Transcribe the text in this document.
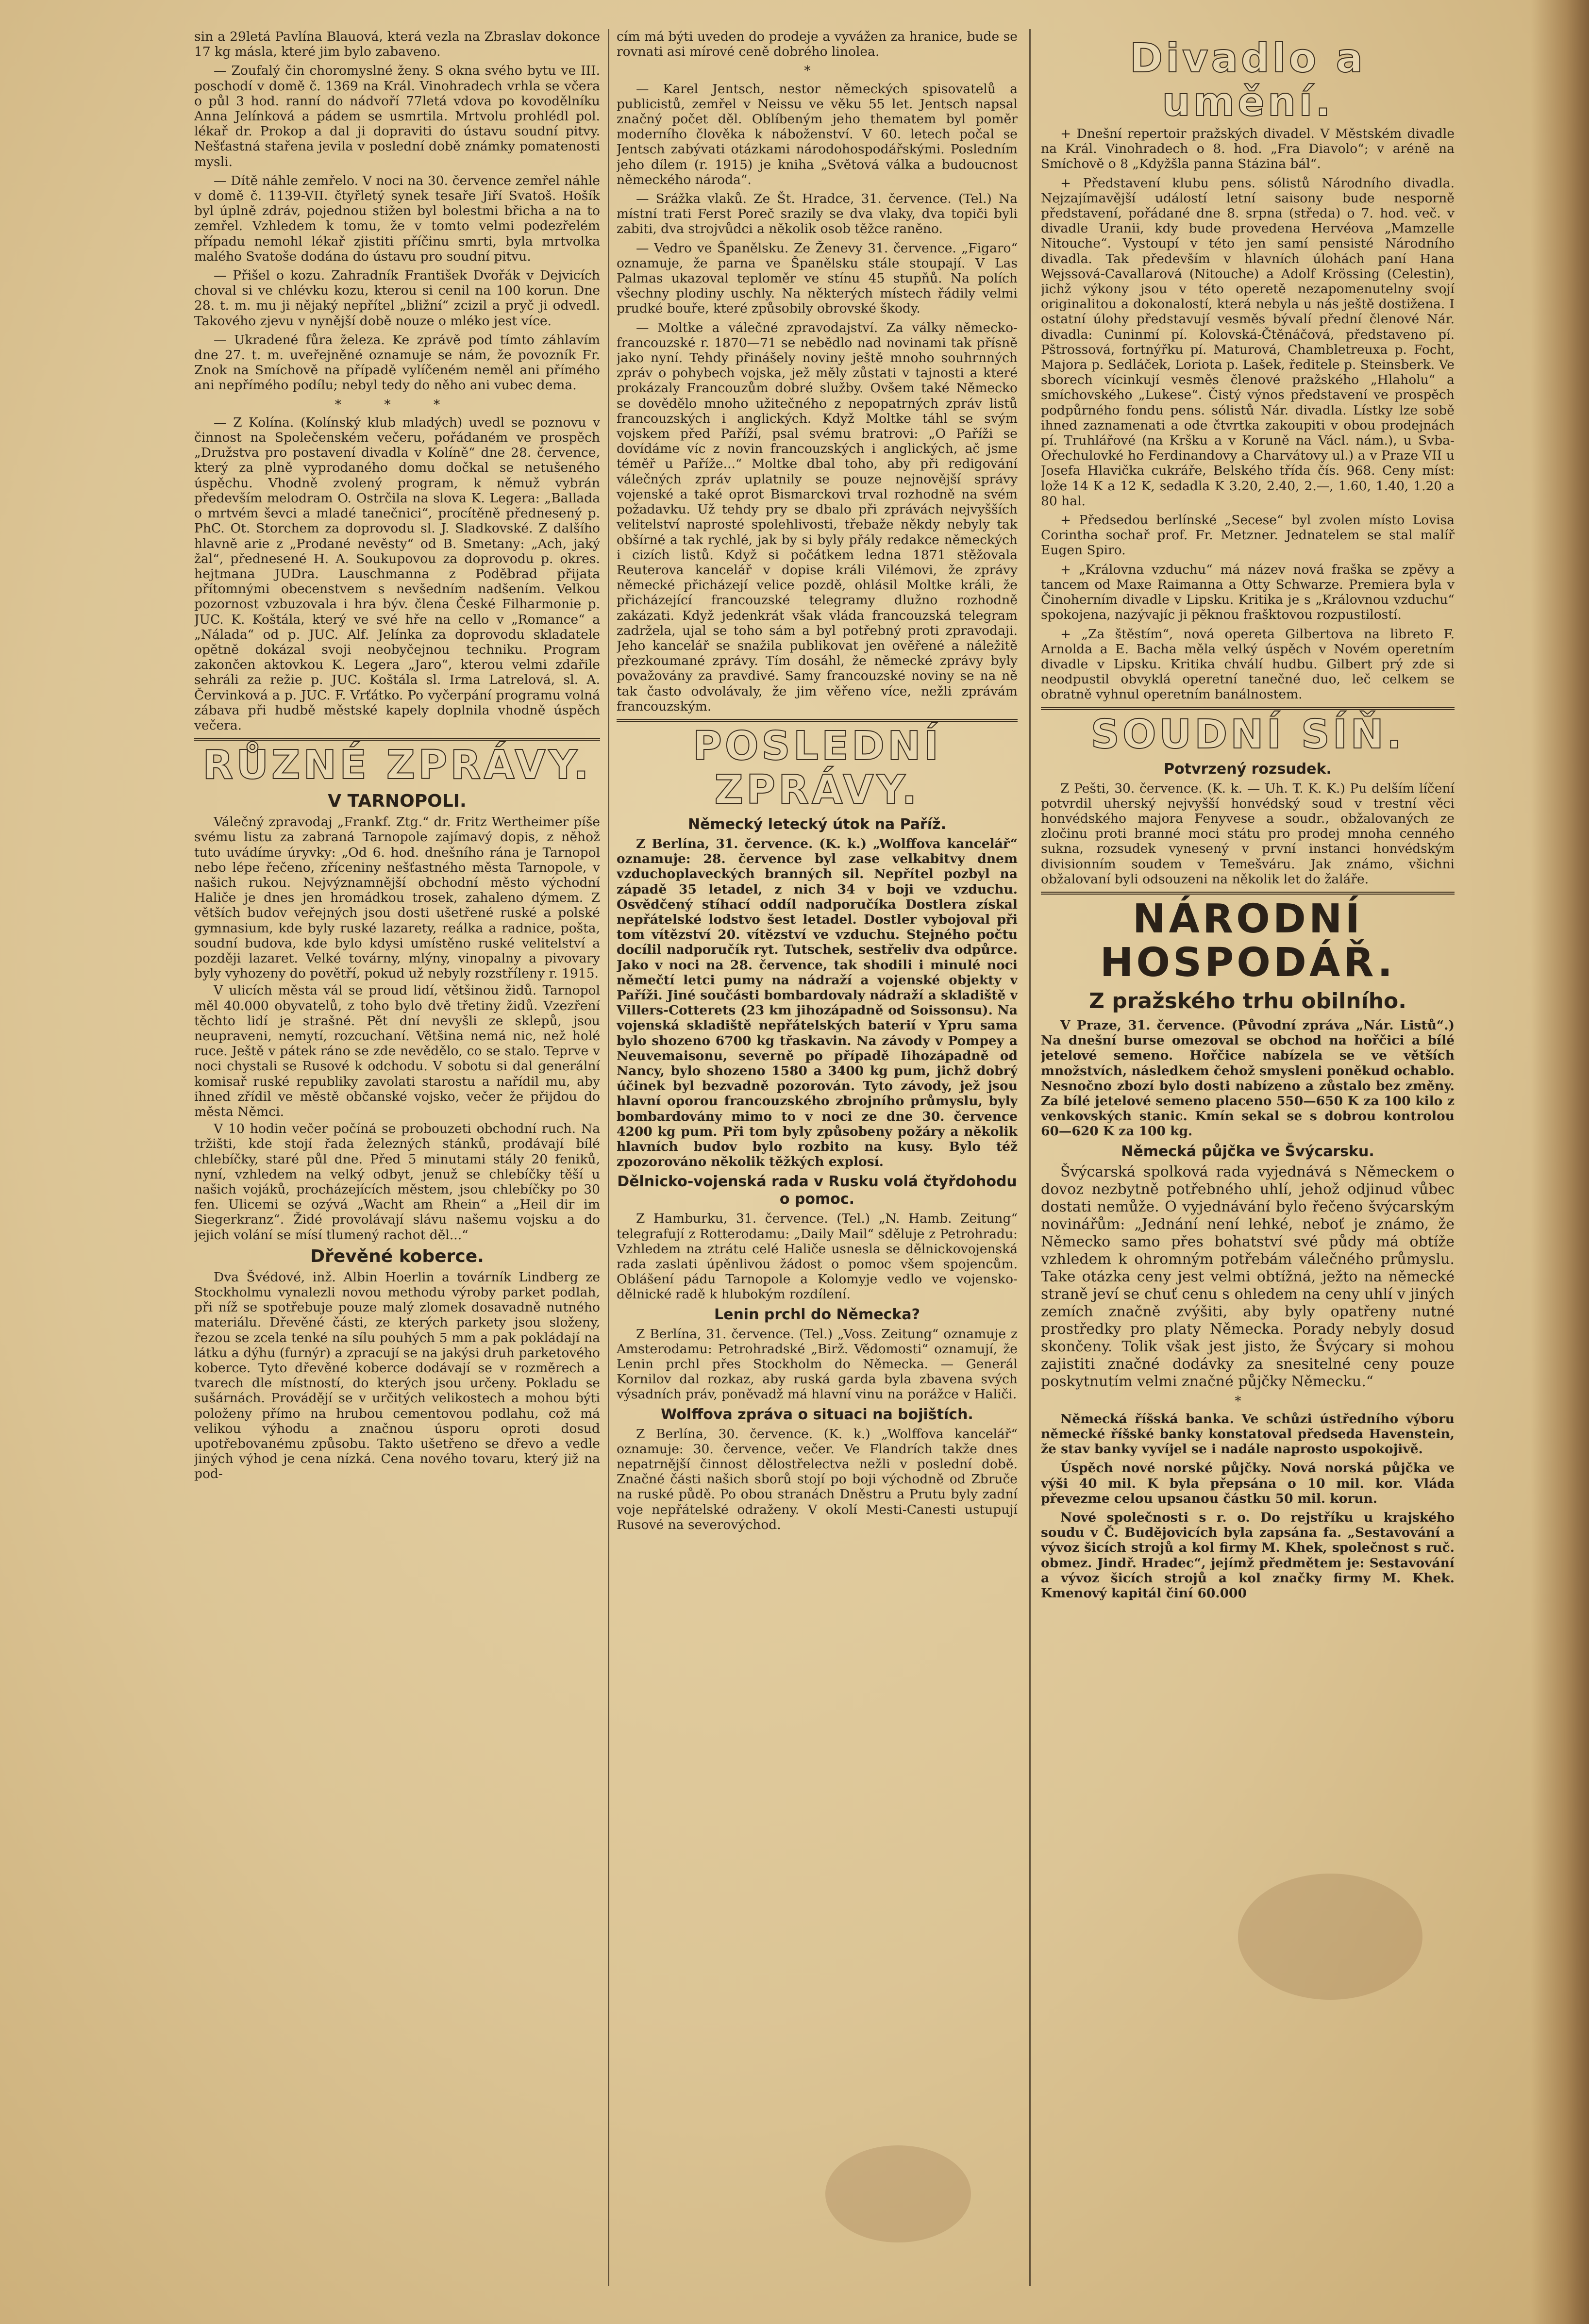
sin a 29letá Pavlína Blauová, která vezla na Zbraslav dokonce 17 kg másla, které jim bylo zabaveno.

— Zoufalý čin choromyslné ženy. S okna svého bytu ve III. poschodí v domě č. 1369 na Král. Vinohradech vrhla se včera o půl 3 hod. ranní do nádvoří 77letá vdova po kovodělníku Anna Jelínková a pádem se usmrtila. Mrtvolu prohlédl pol. lékař dr. Prokop a dal ji dopraviti do ústavu soudní pitvy. Nešťastná stařena jevila v poslední době známky pomatenosti mysli.

— Dítě náhle zemřelo. V noci na 30. července zemřel náhle v domě č. 1139-VII. čtyřletý synek tesaře Jiří Svatoš. Hošík byl úplně zdráv, pojednou stižen byl bolestmi břicha a na to zemřel. Vzhledem k tomu, že v tomto velmi podezřelém případu nemohl lékař zjistiti příčinu smrti, byla mrtvolka malého Svatoše dodána do ústavu pro soudní pitvu.

— Přišel o kozu. Zahradník František Dvořák v Dejvicích choval si ve chlévku kozu, kterou si cenil na 100 korun. Dne 28. t. m. mu ji nějaký nepřítel „bližní“ zcizil a pryč ji odvedl. Takového zjevu v nynější době nouze o mléko jest více.

— Ukradené fůra železa. Ke zprávě pod tímto záhlavím dne 27. t. m. uveřejněné oznamuje se nám, že povozník Fr. Znok na Smíchově na případě vylíčeném neměl ani přímého ani nepřímého podílu; nebyl tedy do něho ani vubec dema.

* * *

— Z Kolína. (Kolínský klub mladých) uvedl se poznovu v činnost na Společenském večeru, pořádaném ve prospěch „Družstva pro postavení divadla v Kolíně“ dne 28. července, který za plně vyprodaného domu dočkal se netušeného úspěchu. Vhodně zvolený program, k němuž vybrán především melodram O. Ostrčila na slova K. Legera: „Ballada o mrtvém ševci a mladé tanečnici“, procítěně přednesený p. PhC. Ot. Storchem za doprovodu sl. J. Sladkovské. Z dalšího hlavně arie z „Prodané nevěsty“ od B. Smetany: „Ach, jaký žal“, přednesené H. A. Soukupovou za doprovodu p. okres. hejtmana JUDra. Lauschmanna z Poděbrad přijata přítomnými obecenstvem s nevšedním nadšením. Velkou pozornost vzbuzovala i hra býv. člena České Filharmonie p. JUC. K. Koštála, který ve své hře na cello v „Romance“ a „Nálada“ od p. JUC. Alf. Jelínka za doprovodu skladatele opětně dokázal svoji neobyčejnou techniku. Program zakončen aktovkou K. Legera „Jaro“, kterou velmi zdařile sehráli za režie p. JUC. Koštála sl. Irma Latrelová, sl. A. Červinková a p. JUC. F. Vrťátko. Po vyčerpání programu volná zábava při hudbě městské kapely doplnila vhodně úspěch večera.

RŮZNÉ ZPRÁVY.
V TARNOPOLI.

Válečný zpravodaj „Frankf. Ztg.“ dr. Fritz Wertheimer píše svému listu za zabraná Tarnopole zajímavý dopis, z něhož tuto uvádíme úryvky: „Od 6. hod. dnešního rána je Tarnopol nebo lépe řečeno, zříceniny nešťastného města Tarnopole, v našich rukou. Nejvýznamnější obchodní město východní Haliče je dnes jen hromádkou trosek, zahaleno dýmem. Z větších budov veřejných jsou dosti ušetřené ruské a polské gymnasium, kde byly ruské lazarety, reálka a radnice, pošta, soudní budova, kde bylo kdysi umístěno ruské velitelství a později lazaret. Velké továrny, mlýny, vinopalny a pivovary byly vyhozeny do povětří, pokud už nebyly rozstříleny r. 1915.

V ulicích města vál se proud lidí, většinou židů. Tarnopol měl 40.000 obyvatelů, z toho bylo dvě třetiny židů. Vzezření těchto lidí je strašné. Pět dní nevyšli ze sklepů, jsou neupraveni, nemytí, rozcuchaní. Většina nemá nic, než holé ruce. Ještě v pátek ráno se zde nevědělo, co se stalo. Teprve v noci chystali se Rusové k odchodu. V sobotu si dal generální komisař ruské republiky zavolati starostu a nařídil mu, aby ihned zřídil ve městě občanské vojsko, večer že přijdou do města Němci.

V 10 hodin večer počíná se probouzeti obchodní ruch. Na tržišti, kde stojí řada železných stánků, prodávají bílé chlebíčky, staré půl dne. Před 5 minutami stály 20 feniků, nyní, vzhledem na velký odbyt, jenuž se chlebíčky těší u našich vojáků, procházejících městem, jsou chlebíčky po 30 fen. Ulicemi se ozývá „Wacht am Rhein“ a „Heil dir im Siegerkranz“. Židé provolávají slávu našemu vojsku a do jejich volání se mísí tlumený rachot děl...“

Dřevěné koberce.

Dva Švédové, inž. Albin Hoerlin a továrník Lindberg ze Stockholmu vynalezli novou methodu výroby parket podlah, při níž se spotřebuje pouze malý zlomek dosavadně nutného materiálu. Dřevěné části, ze kterých parkety jsou složeny, řezou se zcela tenké na sílu pouhých 5 mm a pak pokládají na látku a dýhu (furnýr) a zpracují se na jakýsi druh parketového koberce. Tyto dřevěné koberce dodávají se v rozměrech a tvarech dle místností, do kterých jsou určeny. Pokladu se sušárnách. Provádějí se v určitých velikostech a mohou býti položeny přímo na hrubou cementovou podlahu, což má velikou výhodu a značnou úsporu oproti dosud upotřebovanému způsobu. Takto ušetřeno se dřevo a vedle jiných výhod je cena nízká. Cena nového tovaru, který již na pod-

cím má býti uveden do prodeje a vyvážen za hranice, bude se rovnati asi mírové ceně dobrého linolea.

*

— Karel Jentsch, nestor německých spisovatelů a publicistů, zemřel v Neissu ve věku 55 let. Jentsch napsal značný počet děl. Oblíbeným jeho thematem byl poměr moderního člověka k náboženství. V 60. letech počal se Jentsch zabývati otázkami národohospodářskými. Posledním jeho dílem (r. 1915) je kniha „Světová válka a budoucnost německého národa“.

— Srážka vlaků. Ze Št. Hradce, 31. července. (Tel.) Na místní trati Ferst Poreč srazily se dva vlaky, dva topiči byli zabiti, dva strojvůdci a několik osob těžce raněno.

— Vedro ve Španělsku. Ze Ženevy 31. července. „Figaro“ oznamuje, že parna ve Španělsku stále stoupají. V Las Palmas ukazoval teploměr ve stínu 45 stupňů. Na polích všechny plodiny uschly. Na některých místech řádily velmi prudké bouře, které způsobily obrovské škody.

— Moltke a válečné zpravodajství. Za války německo-francouzské r. 1870—71 se nebědlo nad novinami tak přísně jako nyní. Tehdy přinášely noviny ještě mnoho souhrnných zpráv o pohybech vojska, jež měly zůstati v tajnosti a které prokázaly Francouzům dobré služby. Ovšem také Německo se dovědělo mnoho užitečného z nepopatrných zpráv listů francouzských i anglických. Když Moltke táhl se svým vojskem před Paříží, psal svému bratrovi: „O Paříži se dovídáme víc z novin francouzských i anglických, ač jsme téměř u Paříže...“ Moltke dbal toho, aby při redigování válečných zpráv uplatnily se pouze nejnovější správy vojenské a také oprot Bismarckovi trval rozhodně na svém požadavku. Už tehdy pry se dbalo při zprávách nejvyšších velitelství naprosté spolehlivosti, třebaže někdy nebyly tak obšírné a tak rychlé, jak by si byly přály redakce německých i cizích listů. Když si počátkem ledna 1871 stěžovala Reuterova kancelář v dopise králi Vilémovi, že zprávy německé přicházejí velice pozdě, ohlásil Moltke králi, že přicházející francouzské telegramy dlužno rozhodně zakázati. Když jedenkrát však vláda francouzská telegram zadržela, ujal se toho sám a byl potřebný proti zpravodaji. Jeho kancelář se snažila publikovat jen ověřené a náležitě přezkoumané zprávy. Tím dosáhl, že německé zprávy byly považovány za pravdivé. Samy francouzské noviny se na ně tak často odvolávaly, že jim věřeno více, nežli zprávám francouzským.

POSLEDNÍ ZPRÁVY.
Německý letecký útok na Paříž.

Z Berlína, 31. července. (K. k.) „Wolffova kancelář“ oznamuje: 28. července byl zase velkabitvy dnem vzduchoplaveckých branných sil. Nepřítel pozbyl na západě 35 letadel, z nich 34 v boji ve vzduchu. Osvědčený stíhací oddíl nadporučíka Dostlera získal nepřátelské lodstvo šest letadel. Dostler vybojoval při tom vítězství 20. vítězství ve vzduchu. Stejného počtu docílil nadporučík ryt. Tutschek, sestřeliv dva odpůrce. Jako v noci na 28. července, tak shodili i minulé noci němečtí letci pumy na nádraží a vojenské objekty v Paříži. Jiné součásti bombardovaly nádraží a skladiště v Villers-Cotterets (23 km jihozápadně od Soissonsu). Na vojenská skladiště nepřátelských baterií v Ypru sama bylo shozeno 6700 kg třaskavin. Na závody v Pompey a Neuvemaisonu, severně po případě Iihozápadně od Nancy, bylo shozeno 1580 a 3400 kg pum, jichž dobrý účinek byl bezvadně pozorován. Tyto závody, jež jsou hlavní oporou francouzského zbrojního průmyslu, byly bombardovány mimo to v noci ze dne 30. července 4200 kg pum. Při tom byly způsobeny požáry a několik hlavních budov bylo rozbito na kusy. Bylo též zpozorováno několik těžkých explosí.

Dělnicko-vojenská rada v Rusku volá čtyřdohodu o pomoc.

Z Hamburku, 31. července. (Tel.) „N. Hamb. Zeitung“ telegrafují z Rotterodamu: „Daily Mail“ sděluje z Petrohradu: Vzhledem na ztrátu celé Haliče usnesla se dělnickovojenská rada zaslati úpěnlivou žádost o pomoc všem spojencům. Oblášení pádu Tarnopole a Kolomyje vedlo ve vojensko-dělnické radě k hlubokým rozdílení.

Lenin prchl do Německa?

Z Berlína, 31. července. (Tel.) „Voss. Zeitung“ oznamuje z Amsterodamu: Petrohradské „Birž. Vědomosti“ oznamují, že Lenin prchl přes Stockholm do Německa. — Generál Kornilov dal rozkaz, aby ruská garda byla zbavena svých výsadních práv, poněvadž má hlavní vinu na porážce v Haliči.

Wolffova zpráva o situaci na bojištích.

Z Berlína, 30. července. (K. k.) „Wolffova kancelář“ oznamuje: 30. července, večer. Ve Flandrích takže dnes nepatrnější činnost dělostřelectva nežli v poslední době. Značné části našich sborů stojí po boji východně od Zbruče na ruské půdě. Po obou stranách Dněstru a Prutu byly zadní voje nepřátelské odraženy. V okolí Mesti-Canesti ustupují Rusové na severovýchod.

Divadlo a umění.

+ Dnešní repertoir pražských divadel. V Městském divadle na Král. Vinohradech o 8. hod. „Fra Diavolo“; v aréně na Smíchově o 8 „Kdyžšla panna Stázina bál“.

+ Představení klubu pens. sólistů Národního divadla. Nejzajímavější událostí letní saisony bude nesporně představení, pořádané dne 8. srpna (středa) o 7. hod. več. v divadle Uranii, kdy bude provedena Hervéova „Mamzelle Nitouche“. Vystoupí v této jen samí pensisté Národního divadla. Tak především v hlavních úlohách paní Hana Wejssová-Cavallarová (Nitouche) a Adolf Krössing (Celestin), jichž výkony jsou v této operetě nezapomenutelny svojí originalitou a dokonalostí, která nebyla u nás ještě dostižena. I ostatní úlohy představují vesměs bývalí přední členové Nár. divadla: Cuninmí pí. Kolovská-Čtěnáčová, představeno pí. Pštrossová, fortnýřku pí. Maturová, Chambletreuxa p. Focht, Majora p. Sedláček, Loriota p. Lašek, ředitele p. Steinsberk. Ve sborech vícinkují vesměs členové pražského „Hlaholu“ a smíchovského „Lukese“. Čistý výnos představení ve prospěch podpůrného fondu pens. sólistů Nár. divadla. Lístky lze sobě ihned zaznamenati a ode čtvrtka zakoupiti v obou prodejnách pí. Truhlářové (na Kršku a v Koruně na Václ. nám.), u Svba-Ořechulovké ho Ferdinandovy a Charvátovy ul.) a v Praze VII u Josefa Hlavička cukráře, Belského třída čís. 968. Ceny míst: lože 14 K a 12 K, sedadla K 3.20, 2.40, 2.—, 1.60, 1.40, 1.20 a 80 hal.

+ Předsedou berlínské „Secese“ byl zvolen místo Lovisa Corintha sochař prof. Fr. Metzner. Jednatelem se stal malíř Eugen Spiro.

+ „Královna vzduchu“ má název nová fraška se zpěvy a tancem od Maxe Raimanna a Otty Schwarze. Premiera byla v Činoherním divadle v Lipsku. Kritika je s „Královnou vzduchu“ spokojena, nazývajíc ji pěknou frašktovou rozpustilostí.

+ „Za štěstím“, nová opereta Gilbertova na libreto F. Arnolda a E. Bacha měla velký úspěch v Novém operetním divadle v Lipsku. Kritika chválí hudbu. Gilbert prý zde si neodpustil obvyklá operetní tanečné duo, leč celkem se obratně vyhnul operetním banálnostem.

SOUDNÍ SÍŇ.
Potvrzený rozsudek.

Z Pešti, 30. července. (K. k. — Uh. T. K. K.) Pu delším líčení potvrdil uherský nejvyšší honvédský soud v trestní věci honvédského majora Fenyvese a soudr., obžalovaných ze zločinu proti branné moci státu pro prodej mnoha cenného sukna, rozsudek vynesený v první instanci honvédským divisionním soudem v Temešváru. Jak známo, všichni obžalovaní byli odsouzeni na několik let do žaláře.

NÁRODNÍ HOSPODÁŘ.
Z pražského trhu obilního.

V Praze, 31. července. (Původní zpráva „Nár. Listů“.) Na dnešní burse omezoval se obchod na hořčici a bílé jetelové semeno. Hořčice nabízela se ve větších množstvích, následkem čehož smysleni poněkud ochablo. Nesnočno zbozí bylo dosti nabízeno a zůstalo bez změny. Za bílé jetelové semeno placeno 550—650 K za 100 kilo z venkovských stanic. Kmín sekal se s dobrou kontrolou 60—620 K za 100 kg.

Německá půjčka ve Švýcarsku.

Švýcarská spolková rada vyjednává s Německem o dovoz nezbytně potřebného uhlí, jehož odjinud vůbec dostati nemůže. O vyjednávání bylo řečeno švýcarským novinářům: „Jednání není lehké, neboť je známo, že Německo samo přes bohatství své půdy má obtíže vzhledem k ohromným potřebám válečného průmyslu. Take otázka ceny jest velmi obtížná, ježto na německé straně jeví se chuť cenu s ohledem na ceny uhlí v jiných zemích značně zvýšiti, aby byly opatřeny nutné prostředky pro platy Německa. Porady nebyly dosud skončeny. Tolik však jest jisto, že Švýcary si mohou zajistiti značné dodávky za snesitelné ceny pouze poskytnutím velmi značné půjčky Německu.“

*

Německá říšská banka. Ve schůzi ústředního výboru německé říšské banky konstatoval předseda Havenstein, že stav banky vyvíjel se i nadále naprosto uspokojivě.

Úspěch nové norské půjčky. Nová norská půjčka ve výši 40 mil. K byla přepsána o 10 mil. kor. Vláda převezme celou upsanou částku 50 mil. korun.

Nové společnosti s r. o. Do rejstříku u krajského soudu v Č. Budějovicích byla zapsána fa. „Sestavování a vývoz šicích strojů a kol firmy M. Khek, společnost s ruč. obmez. Jindř. Hradec“, jejímž předmětem je: Sestavování a vývoz šicích strojů a kol značky firmy M. Khek. Kmenový kapitál činí 60.000
